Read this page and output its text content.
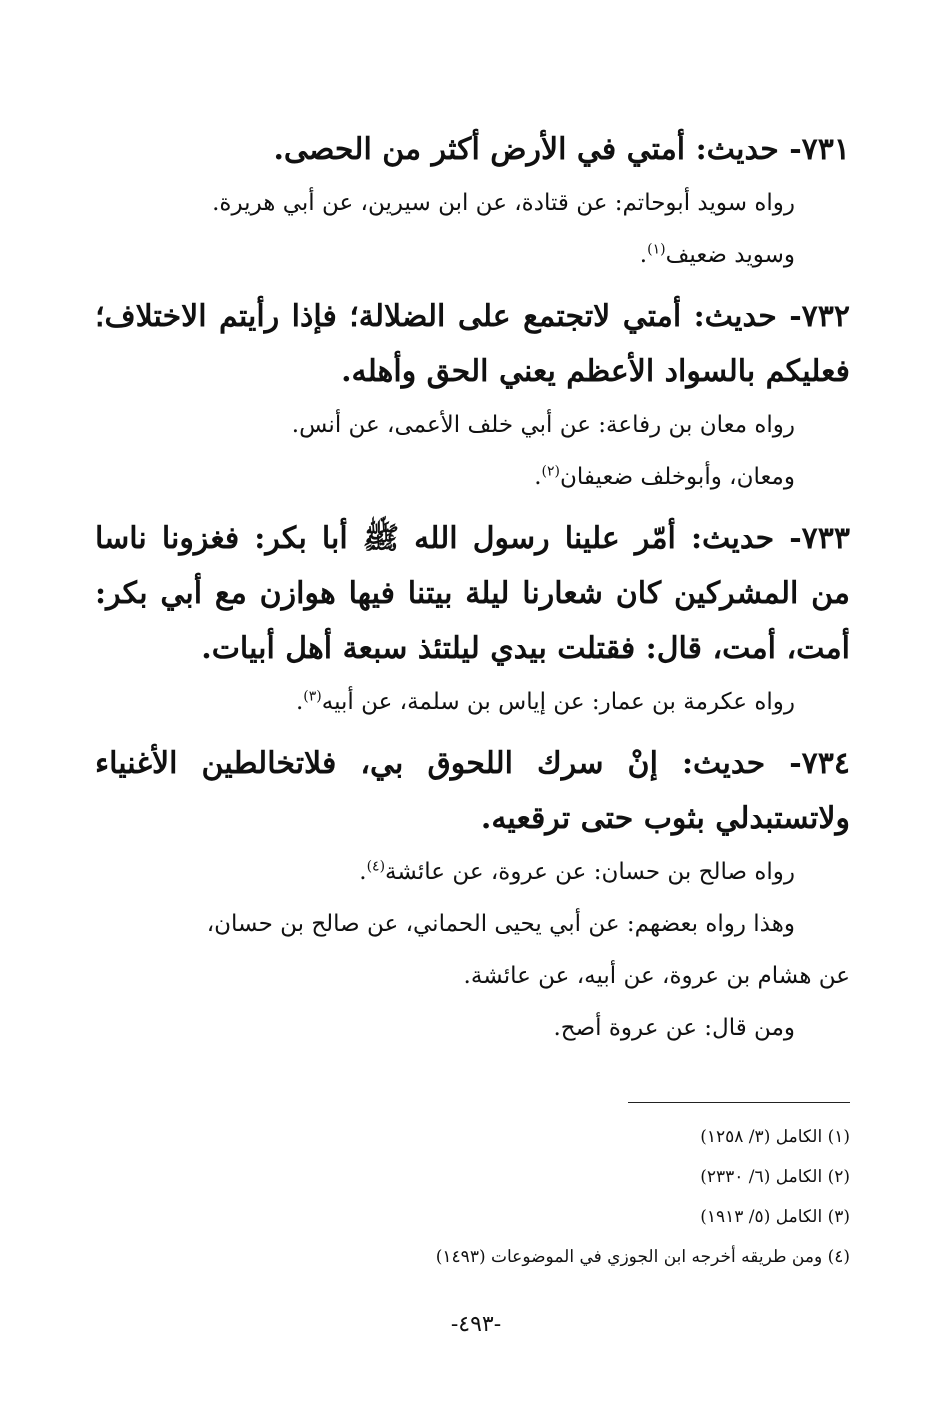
٧٣١- حديث: أمتي في الأرض أكثر من الحصى.

رواه سويد أبوحاتم: عن قتادة، عن ابن سيرين، عن أبي هريرة.

وسويد ضعيف$^{(١)}$.

٧٣٢- حديث: أمتي لاتجتمع على الضلالة؛ فإذا رأيتم الاختلاف؛ فعليكم بالسواد الأعظم يعني الحق وأهله.

رواه معان بن رفاعة: عن أبي خلف الأعمى، عن أنس.

ومعان، وأبوخلف ضعيفان$^{(٢)}$.

٧٣٣- حديث: أمّر علينا رسول الله ﷺ أبا بكر: فغزونا ناسا من المشركين كان شعارنا ليلة بيتنا فيها هوازن مع أبي بكر: أمت، أمت، قال: فقتلت بيدي ليلتئذ سبعة أهل أبيات.

رواه عكرمة بن عمار: عن إياس بن سلمة، عن أبيه$^{(٣)}$.

٧٣٤- حديث: إنْ سرك اللحوق بي، فلاتخالطين الأغنياء ولاتستبدلي بثوب حتى ترقعيه.

رواه صالح بن حسان: عن عروة، عن عائشة$^{(٤)}$.

وهذا رواه بعضهم: عن أبي يحيى الحماني، عن صالح بن حسان،

عن هشام بن عروة، عن أبيه، عن عائشة.

ومن قال: عن عروة أصح.

(١) الكامل (٣/ ١٢٥٨)

(٢) الكامل (٦/ ٢٣٣٠)

(٣) الكامل (٥/ ١٩١٣)

(٤) ومن طريقه أخرجه ابن الجوزي في الموضوعات (١٤٩٣)

-٤٩٣-
